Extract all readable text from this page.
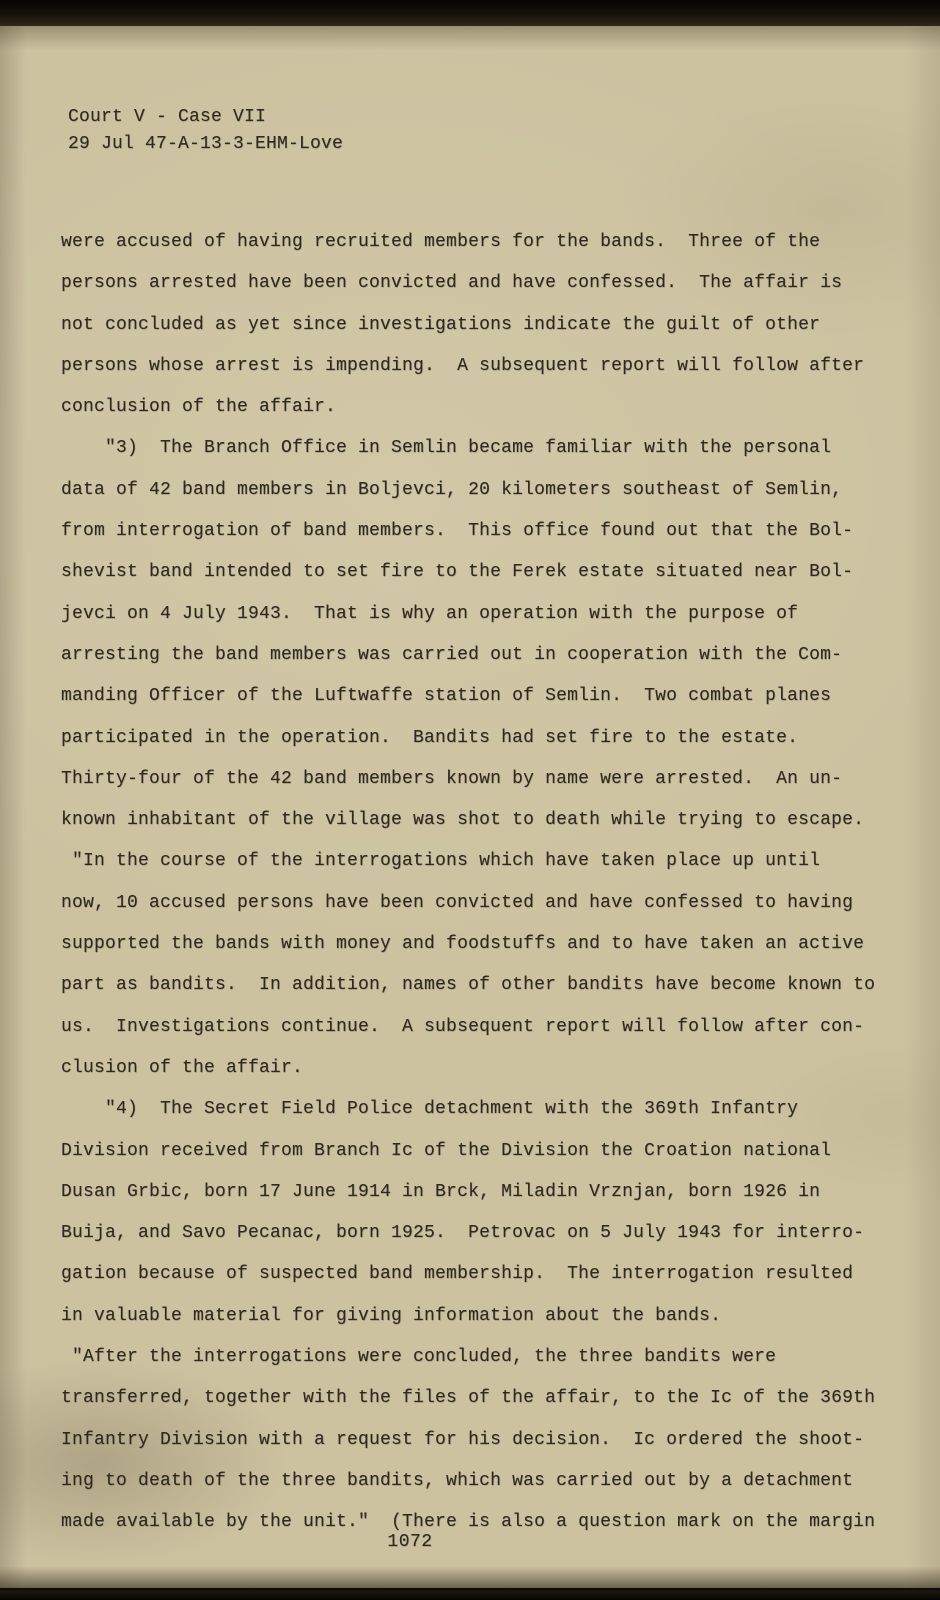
Court V - Case VII
29 Jul 47-A-13-3-EHM-Love
were accused of having recruited members for the bands.  Three of the
persons arrested have been convicted and have confessed.  The affair is
not concluded as yet since investigations indicate the guilt of other
persons whose arrest is impending.  A subsequent report will follow after
conclusion of the affair.
"3)  The Branch Office in Semlin became familiar with the personal
data of 42 band members in Boljevci, 20 kilometers southeast of Semlin,
from interrogation of band members.  This office found out that the Bol-
shevist band intended to set fire to the Ferek estate situated near Bol-
jevci on 4 July 1943.  That is why an operation with the purpose of
arresting the band members was carried out in cooperation with the Com-
manding Officer of the Luftwaffe station of Semlin.  Two combat planes
participated in the operation.  Bandits had set fire to the estate.
Thirty-four of the 42 band members known by name were arrested.  An un-
known inhabitant of the village was shot to death while trying to escape.
"In the course of the interrogations which have taken place up until
now, 10 accused persons have been convicted and have confessed to having
supported the bands with money and foodstuffs and to have taken an active
part as bandits.  In addition, names of other bandits have become known to
us.  Investigations continue.  A subsequent report will follow after con-
clusion of the affair.
"4)  The Secret Field Police detachment with the 369th Infantry
Division received from Branch Ic of the Division the Croation national
Dusan Grbic, born 17 June 1914 in Brck, Miladin Vrznjan, born 1926 in
Buija, and Savo Pecanac, born 1925.  Petrovac on 5 July 1943 for interro-
gation because of suspected band membership.  The interrogation resulted
in valuable material for giving information about the bands.
"After the interrogations were concluded, the three bandits were
transferred, together with the files of the affair, to the Ic of the 369th
Infantry Division with a request for his decision.  Ic ordered the shoot-
ing to death of the three bandits, which was carried out by a detachment
made available by the unit."  (There is also a question mark on the margin
1072
